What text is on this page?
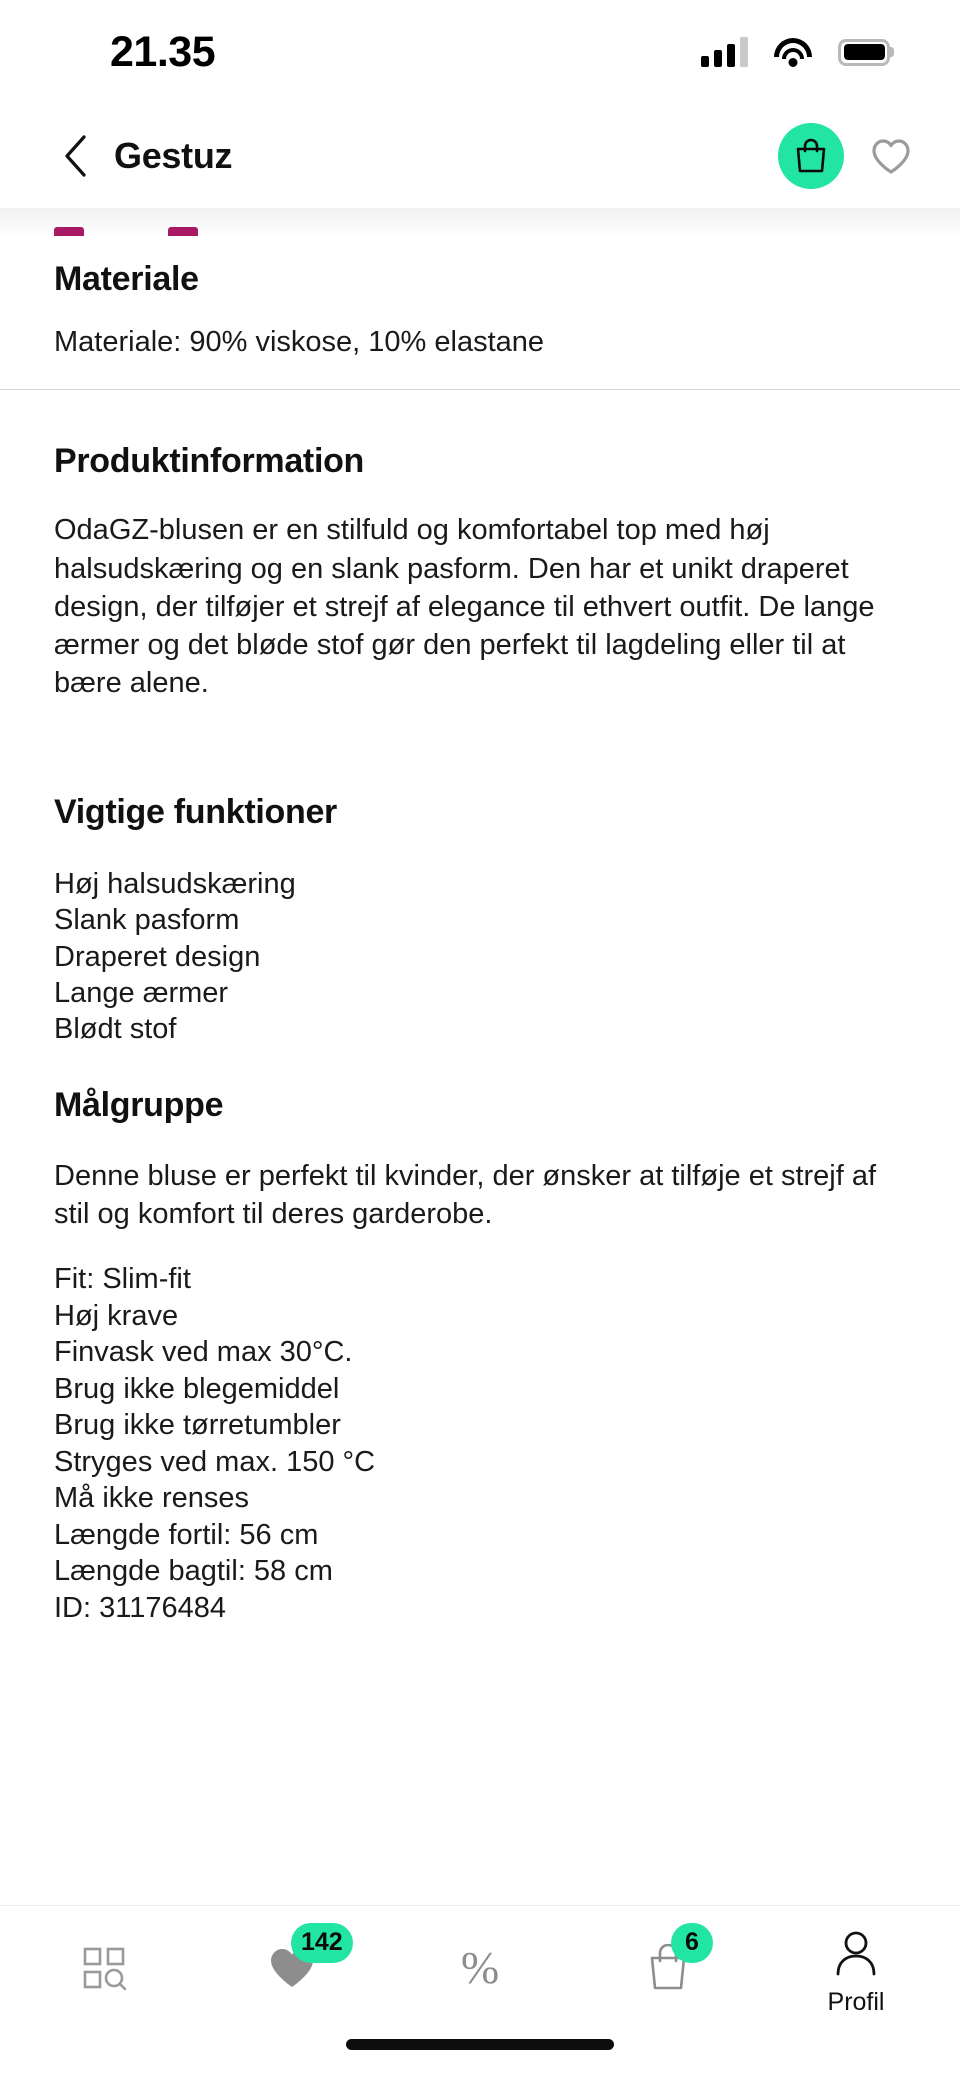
21.35
Gestuz
Materiale

Materiale: 90% viskose, 10% elastane

Produktinformation

OdaGZ-blusen er en stilfuld og komfortabel top med høj halsudskæring og en slank pasform. Den har et unikt draperet design, der tilføjer et strejf af elegance til ethvert outfit. De lange ærmer og det bløde stof gør den perfekt til lagdeling eller til at bære alene.

Vigtige funktioner
Høj halsudskæring
Slank pasform
Draperet design
Lange ærmer
Blødt stof
Målgruppe

Denne bluse er perfekt til kvinder, der ønsker at tilføje et strejf af stil og komfort til deres garderobe.

Fit: Slim-fit
Høj krave
Finvask ved max 30°C.
Brug ikke blegemiddel
Brug ikke tørretumbler
Stryges ved max. 150 °C
Må ikke renses
Længde fortil: 56 cm
Længde bagtil: 58 cm
ID: 31176484
142	%	6
Profil
